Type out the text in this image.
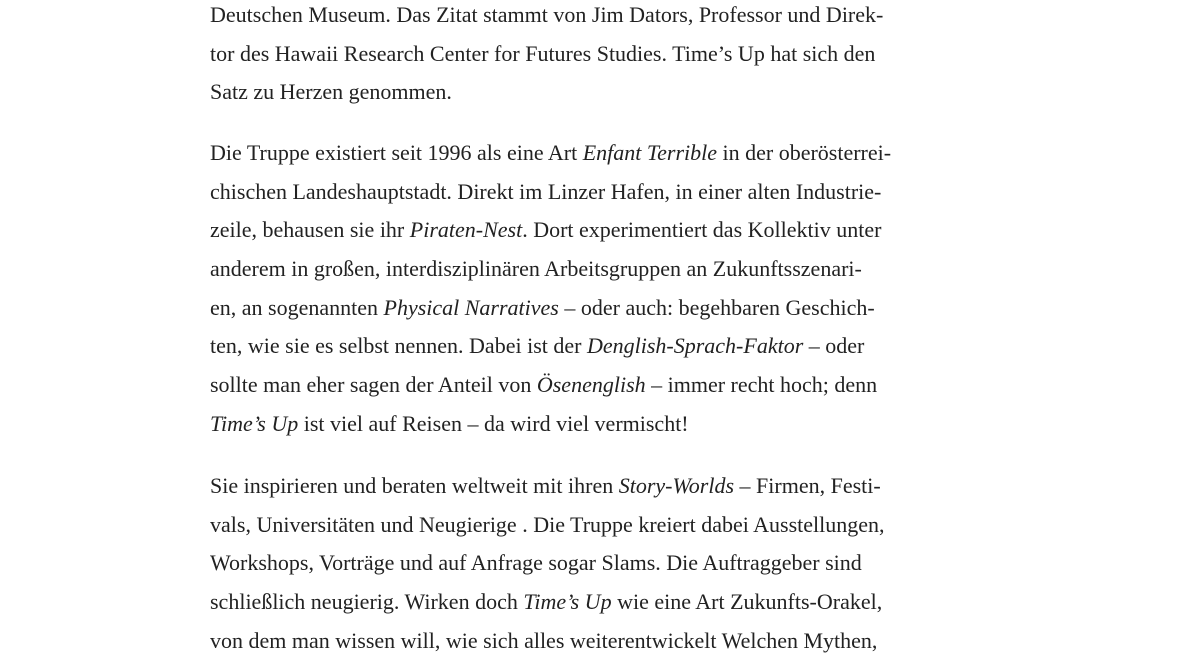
Deutschen Museum. Das Zitat stammt von Jim Dators, Professor und Direk-
tor des Hawaii Research Center for Futures Studies. Time’s Up hat sich den
Satz zu Herzen genommen.
Die Truppe existiert seit 1996 als eine Art Enfant Terrible in der oberösterrei-
chischen Landeshauptstadt. Direkt im Linzer Hafen, in einer alten Industrie-
zeile, behausen sie ihr Piraten-Nest. Dort experimentiert das Kollektiv unter
anderem in großen, interdisziplinären Arbeitsgruppen an Zukunftsszenari-
en, an sogenannten Physical Narratives – oder auch: begehbaren Geschich-
ten, wie sie es selbst nennen. Dabei ist der Denglish-Sprach-Faktor – oder
sollte man eher sagen der Anteil von Ösenenglish – immer recht hoch; denn
Time’s Up ist viel auf Reisen – da wird viel vermischt!
Sie inspirieren und beraten weltweit mit ihren Story-Worlds – Firmen, Festi-
vals, Universitäten und Neugierige . Die Truppe kreiert dabei Ausstellungen,
Workshops, Vorträge und auf Anfrage sogar Slams. Die Auftraggeber sind
schließlich neugierig. Wirken doch Time’s Up wie eine Art Zukunfts-Orakel,
von dem man wissen will, wie sich alles weiterentwickelt Welchen Mythen,
